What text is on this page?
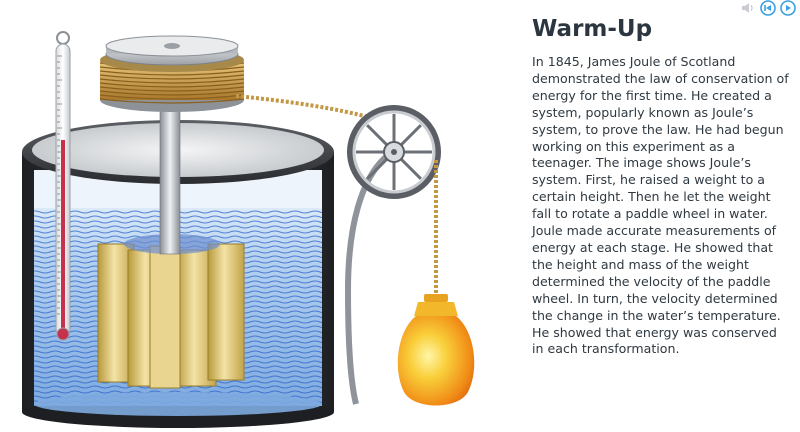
Warm-Up

In 1845, James Joule of Scotland demonstrated the law of conservation of energy for the first time. He created a system, popularly known as Joule’s system, to prove the law. He had begun working on this experiment as a teenager. The image shows Joule’s system. First, he raised a weight to a certain height. Then he let the weight fall to rotate a paddle wheel in water. Joule made accurate measurements of energy at each stage. He showed that the height and mass of the weight determined the velocity of the paddle wheel. In turn, the velocity determined the change in the water’s temperature. He showed that energy was conserved in each transformation.
